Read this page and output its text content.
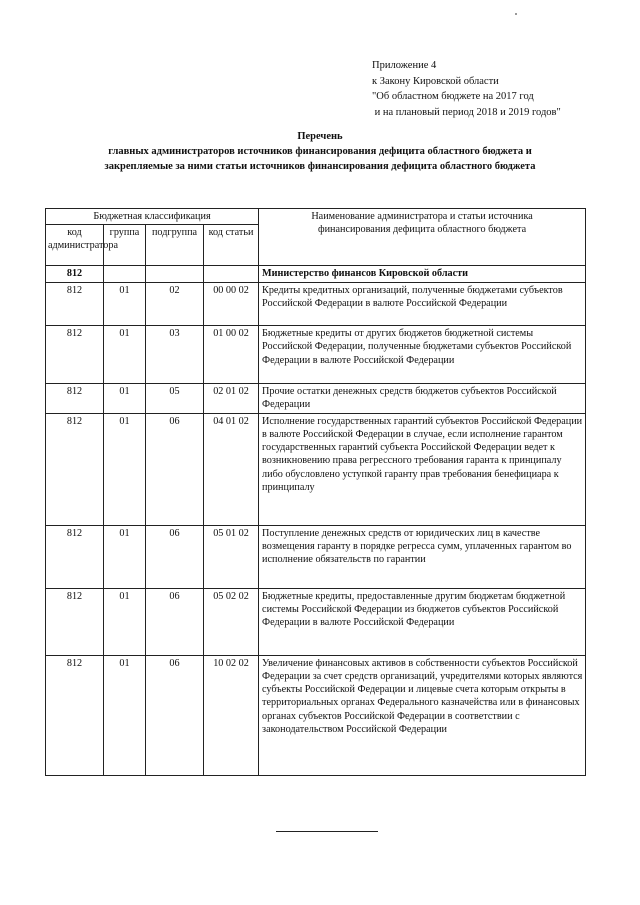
Приложение 4
к Закону Кировской области
"Об областном бюджете на 2017 год
и на плановый период 2018 и 2019 годов"
Перечень
главных администраторов источников финансирования дефицита областного бюджета и
закрепляемые за ними статьи источников финансирования дефицита областного бюджета
Бюджетная классификация				Наименование администратора и статьи источника финансирования дефицита областного бюджета
код администратора	группа	подгруппа	код статьи	
812				Министерство финансов Кировской области
812	01	02	00 00 02	Кредиты кредитных организаций, полученные бюджетами субъектов Российской Федерации в валюте Российской Федерации
812	01	03	01 00 02	Бюджетные кредиты от других бюджетов бюджетной системы Российской Федерации, полученные бюджетами субъектов Российской Федерации в валюте Российской Федерации
812	01	05	02 01 02	Прочие остатки денежных средств бюджетов субъектов Российской Федерации
812	01	06	04 01 02	Исполнение государственных гарантий субъектов Российской Федерации в валюте Российской Федерации в случае, если исполнение гарантом государственных гарантий субъекта Российской Федерации ведет к возникновению права регрессного требования гаранта к принципалу либо обусловлено уступкой гаранту прав требования бенефициара к принципалу
812	01	06	05 01 02	Поступление денежных средств от юридических лиц в качестве возмещения гаранту в порядке регресса сумм, уплаченных гарантом во исполнение обязательств по гарантии
812	01	06	05 02 02	Бюджетные кредиты, предоставленные другим бюджетам бюджетной системы Российской Федерации из бюджетов субъектов Российской Федерации в валюте Российской Федерации
812	01	06	10 02 02	Увеличение финансовых активов в собственности субъектов Российской Федерации за счет средств организаций, учредителями которых являются субъекты Российской Федерации и лицевые счета которым открыты в территориальных органах Федерального казначейства или в финансовых органах субъектов Российской Федерации в соответствии с законодательством Российской Федерации
